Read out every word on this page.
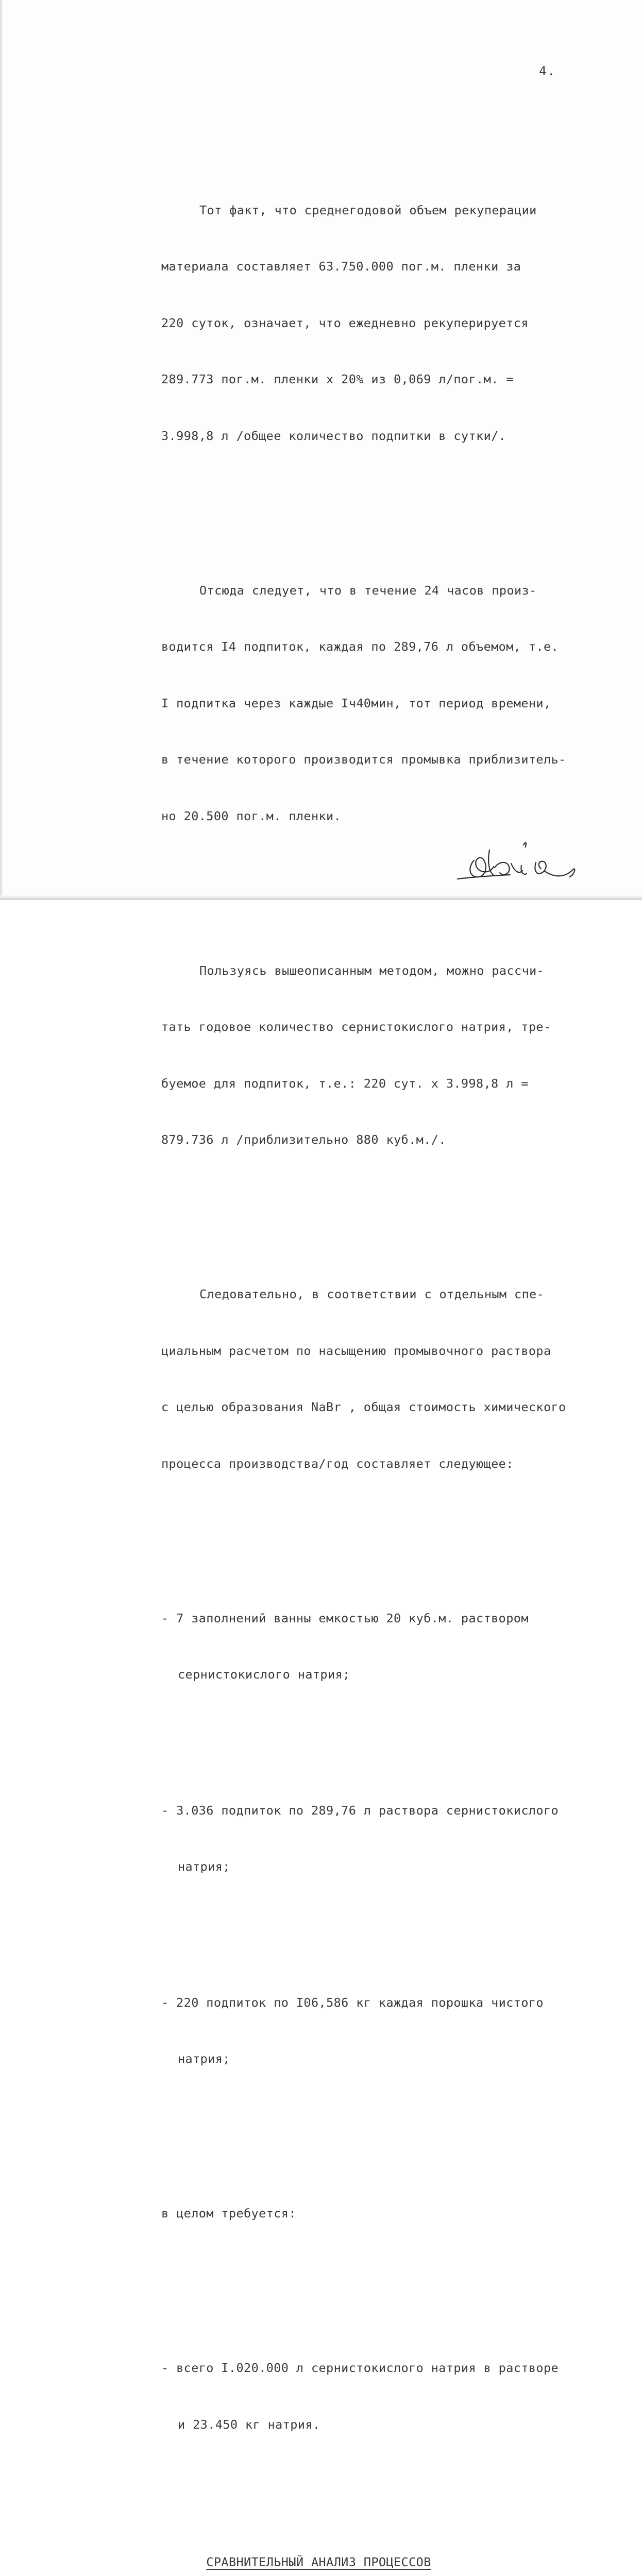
4.

Тот факт, что среднегодовой объем рекуперации

материала составляет 63.750.000 пог.м. пленки за

220 суток, означает, что ежедневно рекуперируется

289.773 пог.м. пленки х 20% из 0,069 л/пог.м. =

3.998,8 л /общее количество подпитки в сутки/.

Отсюда следует, что в течение 24 часов произ-

водится I4 подпиток, каждая по 289,76 л объемом, т.е.

I подпитка через каждые Iч40мин, тот период времени,

в течение которого производится промывка приблизитель-

но 20.500 пог.м. пленки.

Пользуясь вышеописанным методом, можно рассчи-

тать годовое количество сернистокислого натрия, тре-

буемое для подпиток, т.е.: 220 сут. х 3.998,8 л =

879.736 л /приблизительно 880 куб.м./.

Следовательно, в соответствии с отдельным спе-

циальным расчетом по насыщению промывочного раствора

с целью образования NaBr , общая стоимость химического

процесса производства/год составляет следующее:

- 7 заполнений ванны емкостью 20 куб.м. раствором

сернистокислого натрия;

- 3.036 подпиток по 289,76 л раствора сернистокислого

натрия;

- 220 подпиток по I06,586 кг каждая порошка чистого

натрия;

в целом требуется:

- всего I.020.000 л сернистокислого натрия в растворе

и 23.450 кг натрия.

СРАВНИТЕЛЬНЫЙ АНАЛИЗ ПРОЦЕССОВ
